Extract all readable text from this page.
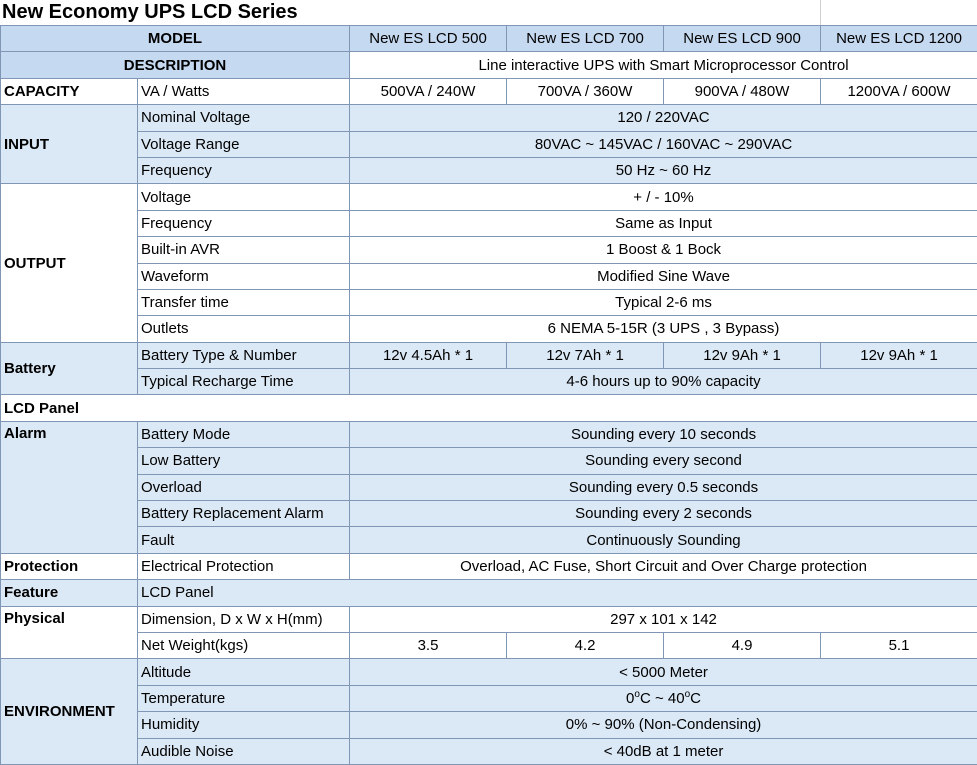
New Economy UPS LCD Series
MODEL		New ES LCD 500	New ES LCD 700	New ES LCD 900	New ES LCD 1200
DESCRIPTION		Line interactive UPS with Smart Microprocessor Control			
CAPACITY	VA / Watts	500VA / 240W	700VA / 360W	900VA / 480W	1200VA / 600W
INPUT	Nominal Voltage	120 / 220VAC			
	Voltage Range	80VAC ~ 145VAC / 160VAC ~ 290VAC			
	Frequency	50 Hz ~ 60 Hz			
OUTPUT	Voltage	+ / - 10%			
	Frequency	Same as Input			
	Built-in AVR	1 Boost & 1 Bock			
	Waveform	Modified Sine Wave			
	Transfer time	Typical 2-6 ms			
	Outlets	6 NEMA 5-15R (3 UPS , 3 Bypass)			
Battery	Battery Type & Number	12v 4.5Ah * 1	12v 7Ah * 1	12v 9Ah * 1	12v 9Ah * 1
	Typical Recharge Time	4-6 hours up to 90% capacity			
LCD Panel					
Alarm	Battery Mode	Sounding every 10 seconds			
	Low Battery	Sounding every second			
	Overload	Sounding every 0.5 seconds			
	Battery Replacement Alarm	Sounding every 2 seconds			
	Fault	Continuously Sounding			
Protection	Electrical Protection	Overload, AC Fuse, Short Circuit and Over Charge protection			
Feature	LCD Panel				
Physical	Dimension, D x W x H(mm)	297 x 101 x 142			
	Net Weight(kgs)	3.5	4.2	4.9	5.1
ENVIRONMENT	Altitude	< 5000 Meter			
	Temperature	0$^o$C ~ 40$^o$C			
	Humidity	0% ~ 90% (Non-Condensing)			
	Audible Noise	< 40dB at 1 meter			
